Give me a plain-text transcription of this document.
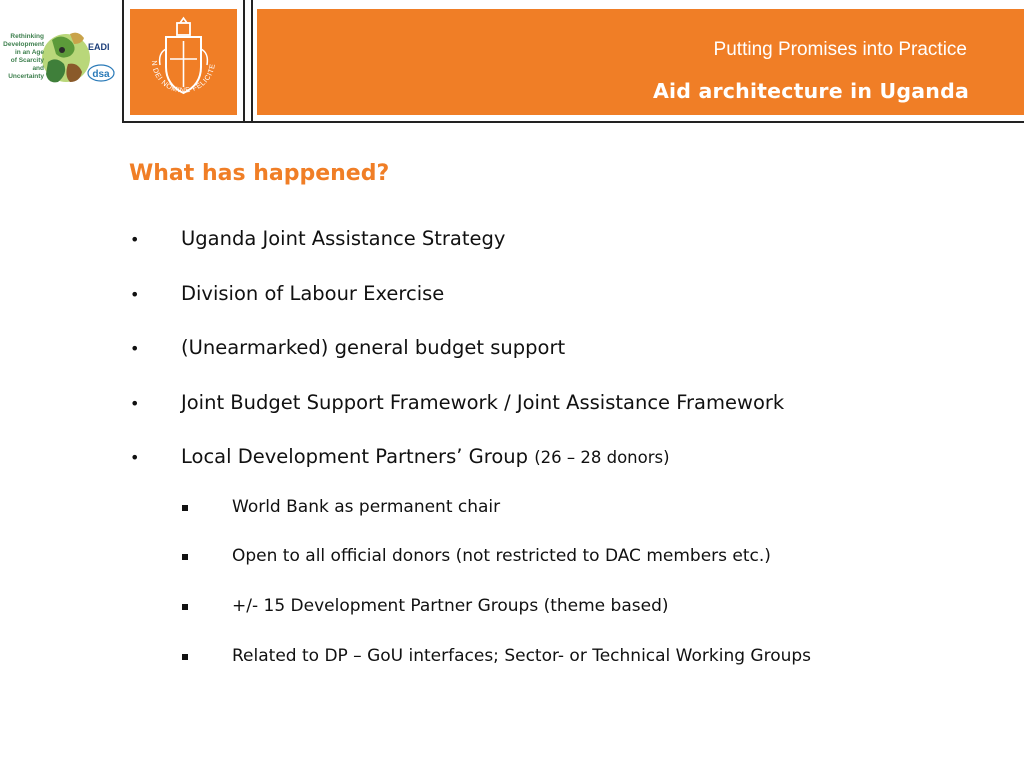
Rethinking
Development
in an Age
of Scarcity
and
Uncertainty
EADI
dsa
N DEI NOMINE FELICITE
Putting Promises into Practice
Aid architecture in Uganda
What has happened?
• Uganda Joint Assistance Strategy
• Division of Labour Exercise
• (Unearmarked) general budget support
• Joint Budget Support Framework / Joint Assistance Framework
• Local Development Partners’ Group (26 – 28 donors)
World Bank as permanent chair
Open to all official donors (not restricted to DAC members etc.)
+/- 15 Development Partner Groups (theme based)
Related to DP – GoU interfaces; Sector- or Technical Working Groups
